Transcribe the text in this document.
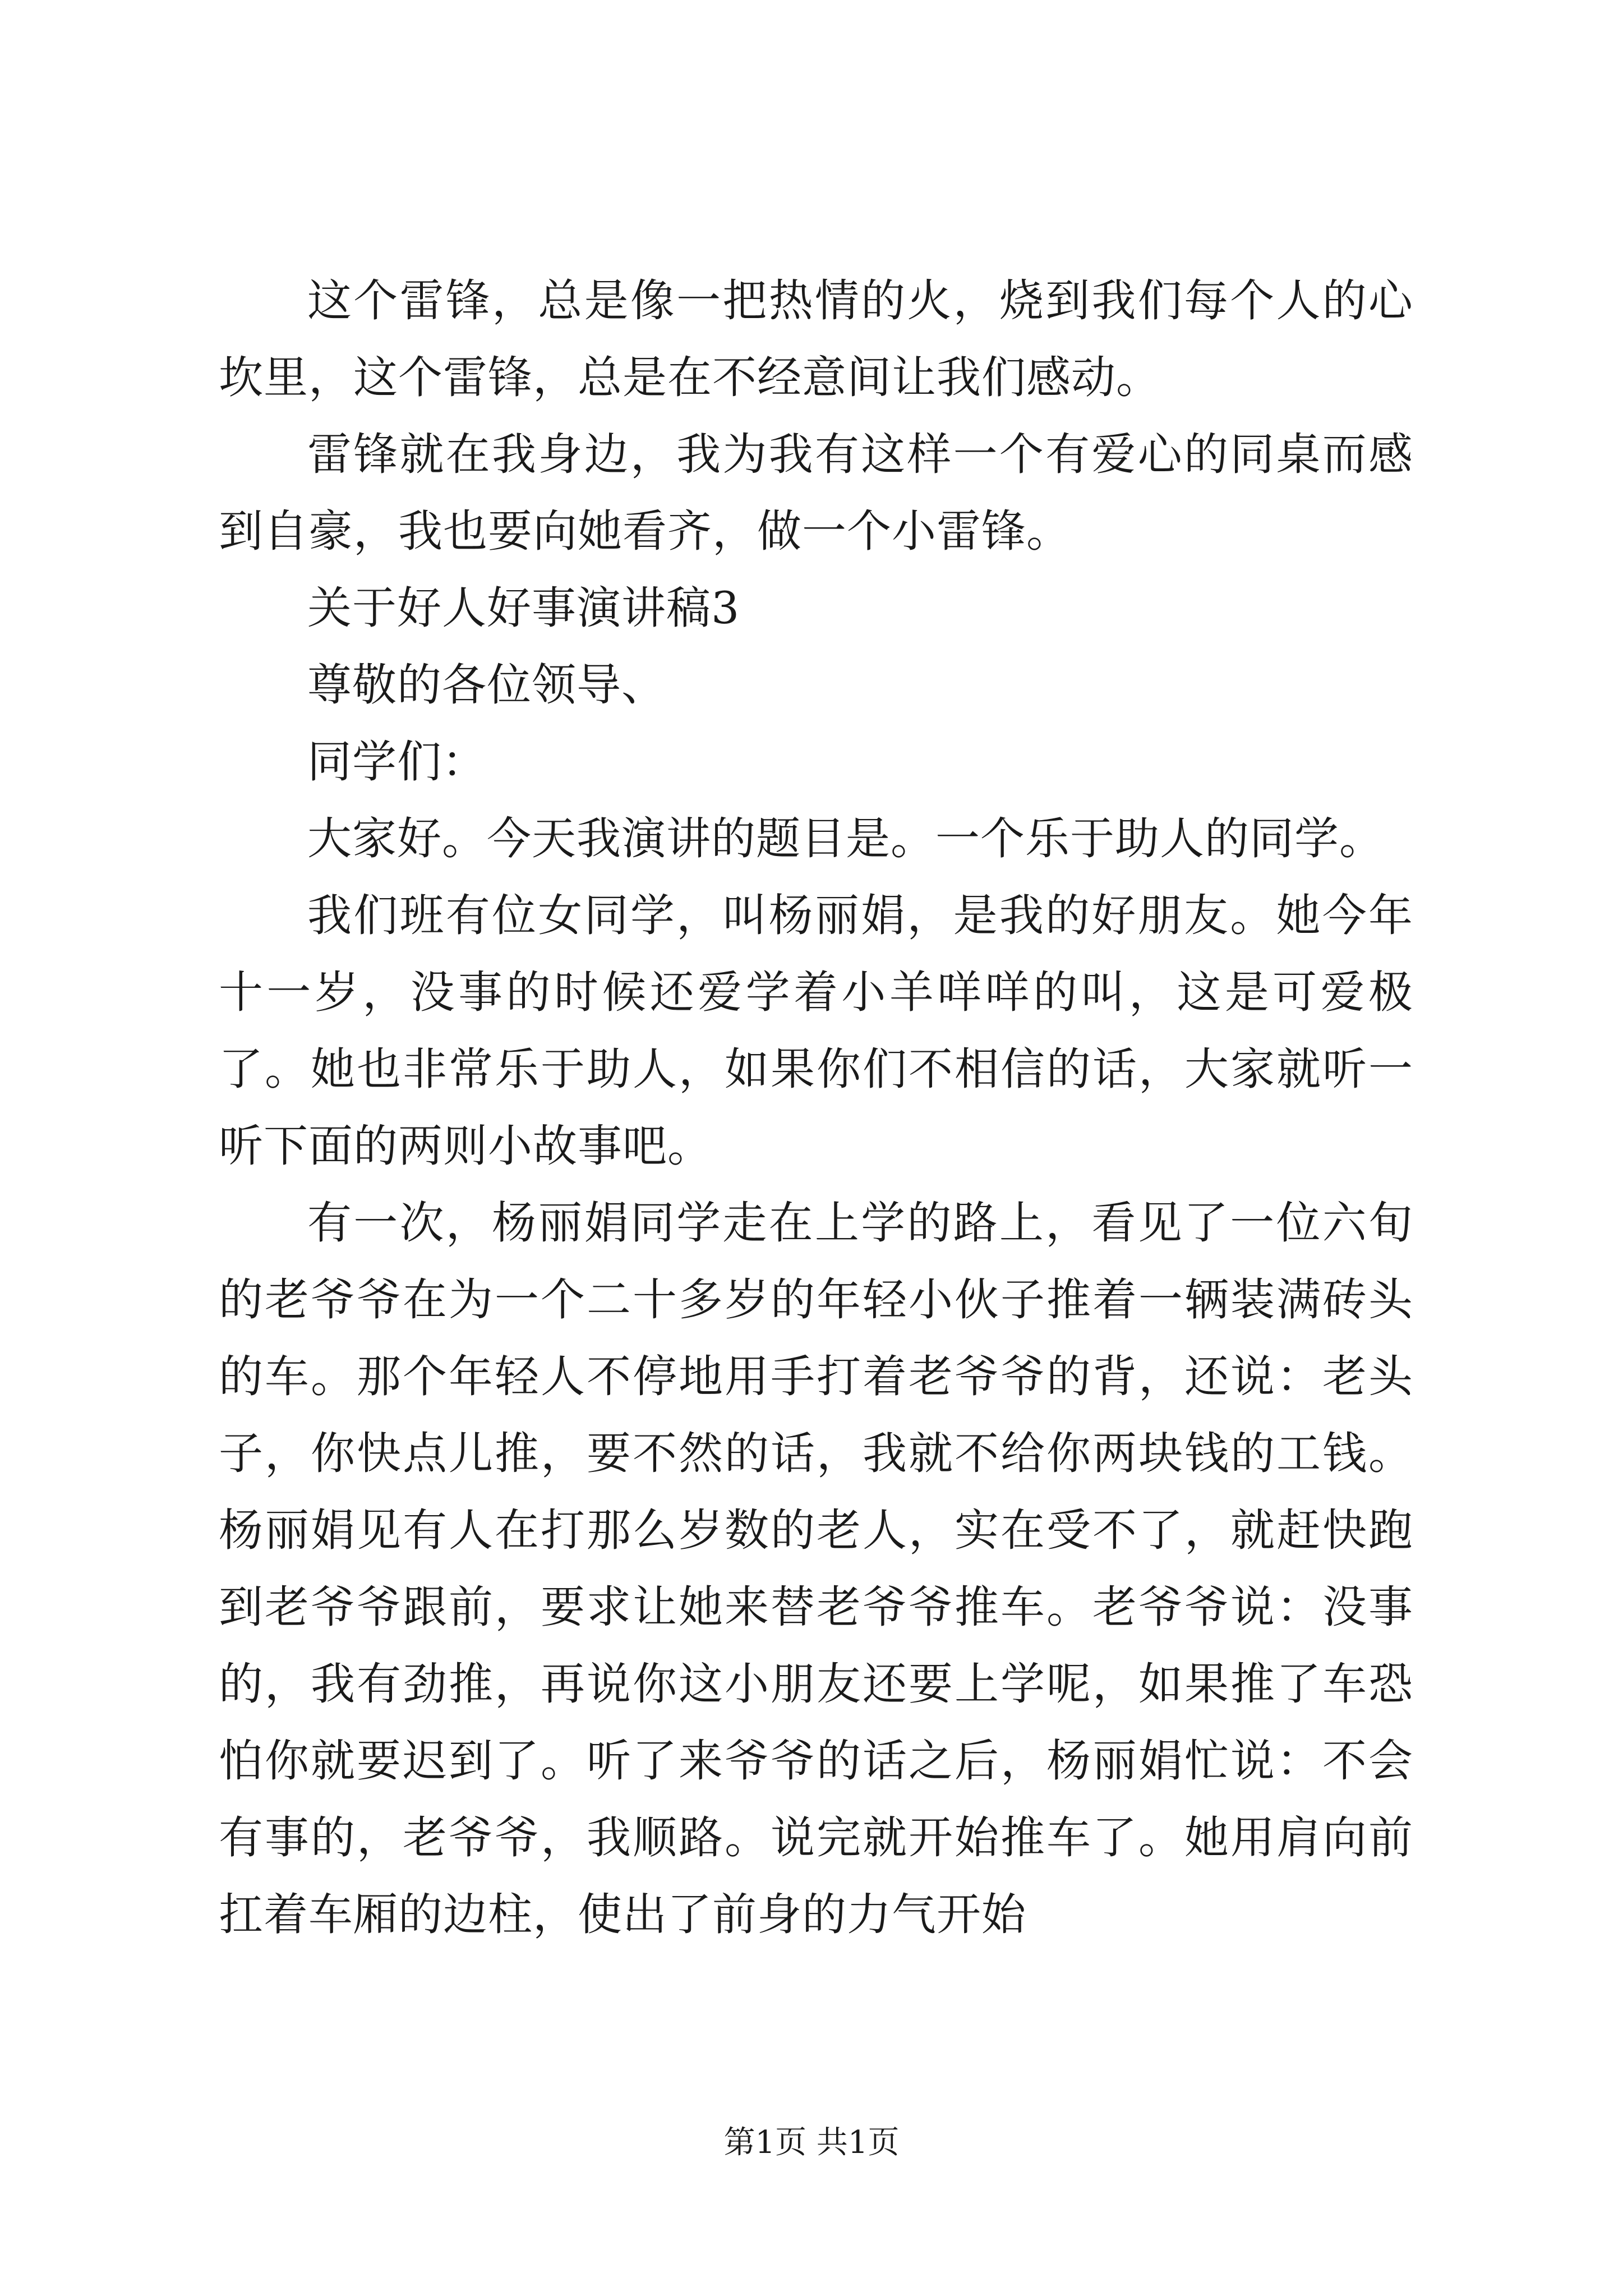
这个雷锋，总是像一把热情的火，烧到我们每个人的心坎里，这个雷锋，总是在不经意间让我们感动。

雷锋就在我身边，我为我有这样一个有爱心的同桌而感到自豪，我也要向她看齐，做一个小雷锋。

关于好人好事演讲稿3

尊敬的各位领导、

同学们：

大家好。今天我演讲的题目是。一个乐于助人的同学。

我们班有位女同学，叫杨丽娟，是我的好朋友。她今年十一岁，没事的时候还爱学着小羊咩咩的叫，这是可爱极了。她也非常乐于助人，如果你们不相信的话，大家就听一听下面的两则小故事吧。

有一次，杨丽娟同学走在上学的路上，看见了一位六旬的老爷爷在为一个二十多岁的年轻小伙子推着一辆装满砖头的车。那个年轻人不停地用手打着老爷爷的背，还说：老头子，你快点儿推，要不然的话，我就不给你两块钱的工钱。杨丽娟见有人在打那么岁数的老人，实在受不了，就赶快跑到老爷爷跟前，要求让她来替老爷爷推车。老爷爷说：没事的，我有劲推，再说你这小朋友还要上学呢，如果推了车恐怕你就要迟到了。听了来爷爷的话之后，杨丽娟忙说：不会有事的，老爷爷，我顺路。说完就开始推车了。她用肩向前扛着车厢的边柱，使出了前身的力气开始

第1页 共1页
